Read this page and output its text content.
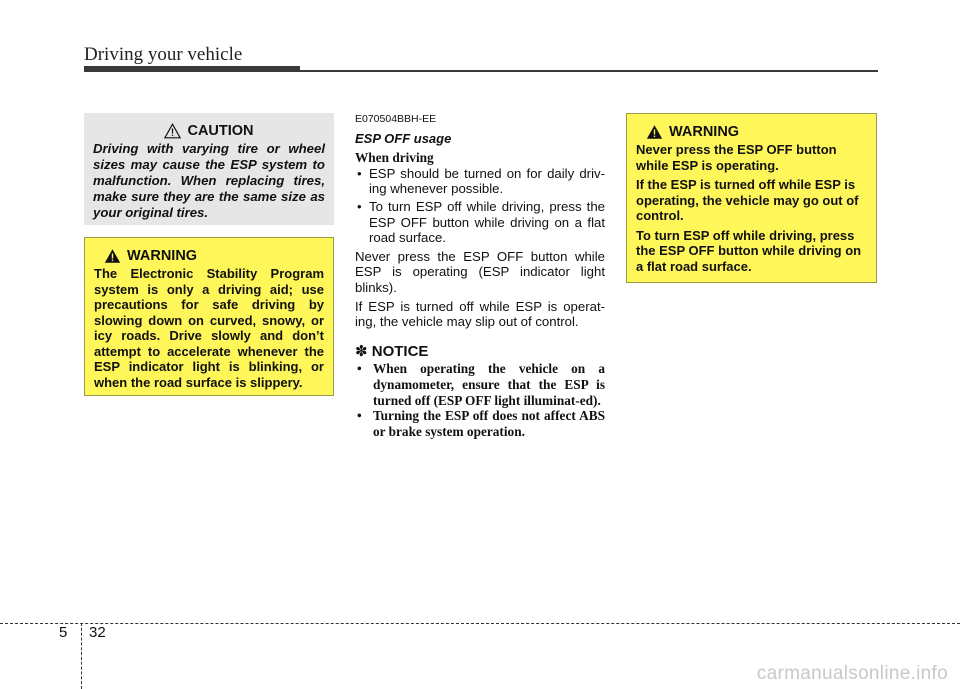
Driving your vehicle
CAUTION
Driving with varying tire or wheel sizes may cause the ESP system to malfunction. When replacing tires, make sure they are the same size as your original tires.
WARNING
The Electronic Stability Program system is only a driving aid; use precautions for safe driving by slowing down on curved, snowy, or icy roads. Drive slowly and don’t attempt to accelerate whenever the ESP indicator light is blinking, or when the road surface is slippery.
E070504BBH-EE
ESP OFF usage
When driving
• ESP should be turned on for daily driv-ing whenever possible.
• To turn ESP off while driving, press the ESP OFF button while driving on a flat road surface.

Never press the ESP OFF button while ESP is operating (ESP indicator light blinks).

If ESP is turned off while ESP is operat-ing, the vehicle may slip out of control.

✽ NOTICE
• When operating the vehicle on a dynamometer, ensure that the ESP is turned off (ESP OFF light illuminat-ed).
• Turning the ESP off does not affect ABS or brake system operation.
WARNING

Never press the ESP OFF button while ESP is operating.

If the ESP is turned off while ESP is operating, the vehicle may go out of control.

To turn ESP off while driving, press the ESP OFF button while driving on a flat road surface.

5 32
carmanualsonline.info
